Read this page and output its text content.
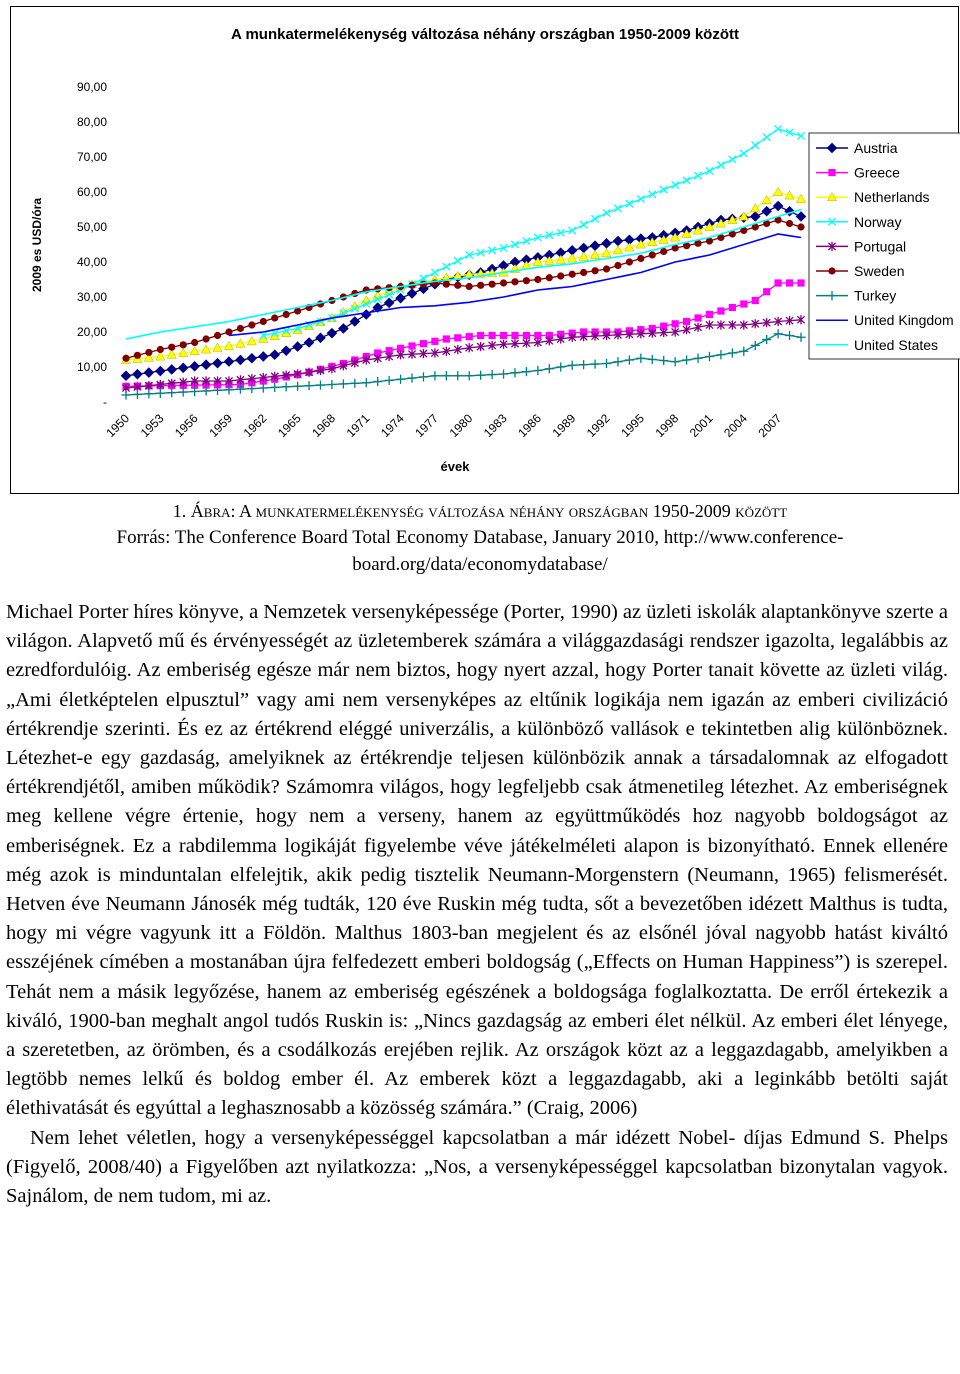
A munkatermelékenység változása néhány országban 1950-2009 között
2009 es USD/óra
évek
-
10,00
20,00
30,00
40,00
50,00
60,00
70,00
80,00
90,00
1950 1953 1956 1959 1962 1965 1968 1971 1974 1977 1980 1983 1986 1989 1992 1995 1998 2001 2004 2007
Austria
Greece
Netherlands
Norway
Portugal
Sweden
Turkey
United Kingdom
United States
1. Ábra: A munkatermelékenység változása néhány országban 1950-2009 között
Forrás: The Conference Board Total Economy Database, January 2010, http://www.conference-board.org/data/economydatabase/

Michael Porter híres könyve, a Nemzetek versenyképessége (Porter, 1990) az üzleti iskolák alaptankönyve szerte a világon. Alapvető mű és érvényességét az üzletemberek számára a világgazdasági rendszer igazolta, legalábbis az ezredfordulóig. Az emberiség egésze már nem biztos, hogy nyert azzal, hogy Porter tanait követte az üzleti világ. „Ami életképtelen elpusztul” vagy ami nem versenyképes az eltűnik logikája nem igazán az emberi civilizáció értékrendje szerinti. És ez az értékrend eléggé univerzális, a különböző vallások e tekintetben alig különböznek. Létezhet-e egy gazdaság, amelyiknek az értékrendje teljesen különbözik annak a társadalomnak az elfogadott értékrendjétől, amiben működik? Számomra világos, hogy legfeljebb csak átmenetileg létezhet. Az emberiségnek meg kellene végre értenie, hogy nem a verseny, hanem az együttműködés hoz nagyobb boldogságot az emberiségnek. Ez a rabdilemma logikáját figyelembe véve játékelméleti alapon is bizonyítható. Ennek ellenére még azok is minduntalan elfelejtik, akik pedig tisztelik Neumann-Morgenstern (Neumann, 1965) felismerését. Hetven éve Neumann Jánosék még tudták, 120 éve Ruskin még tudta, sőt a bevezetőben idézett Malthus is tudta, hogy mi végre vagyunk itt a Földön. Malthus 1803-ban megjelent és az elsőnél jóval nagyobb hatást kiváltó esszéjének címében a mostanában újra felfedezett emberi boldogság („Effects on Human Happiness”) is szerepel. Tehát nem a másik legyőzése, hanem az emberiség egészének a boldogsága foglalkoztatta. De erről értekezik a kiváló, 1900-ban meghalt angol tudós Ruskin is: „Nincs gazdagság az emberi élet nélkül. Az emberi élet lényege, a szeretetben, az örömben, és a csodálkozás erejében rejlik. Az országok közt az a leggazdagabb, amelyikben a legtöbb nemes lelkű és boldog ember él. Az emberek közt a leggazdagabb, aki a leginkább betölti saját élethivatását és egyúttal a leghasznosabb a közösség számára.” (Craig, 2006)

Nem lehet véletlen, hogy a versenyképességgel kapcsolatban a már idézett Nobel- díjas Edmund S. Phelps (Figyelő, 2008/40) a Figyelőben azt nyilatkozza: „Nos, a versenyképességgel kapcsolatban bizonytalan vagyok. Sajnálom, de nem tudom, mi az.
